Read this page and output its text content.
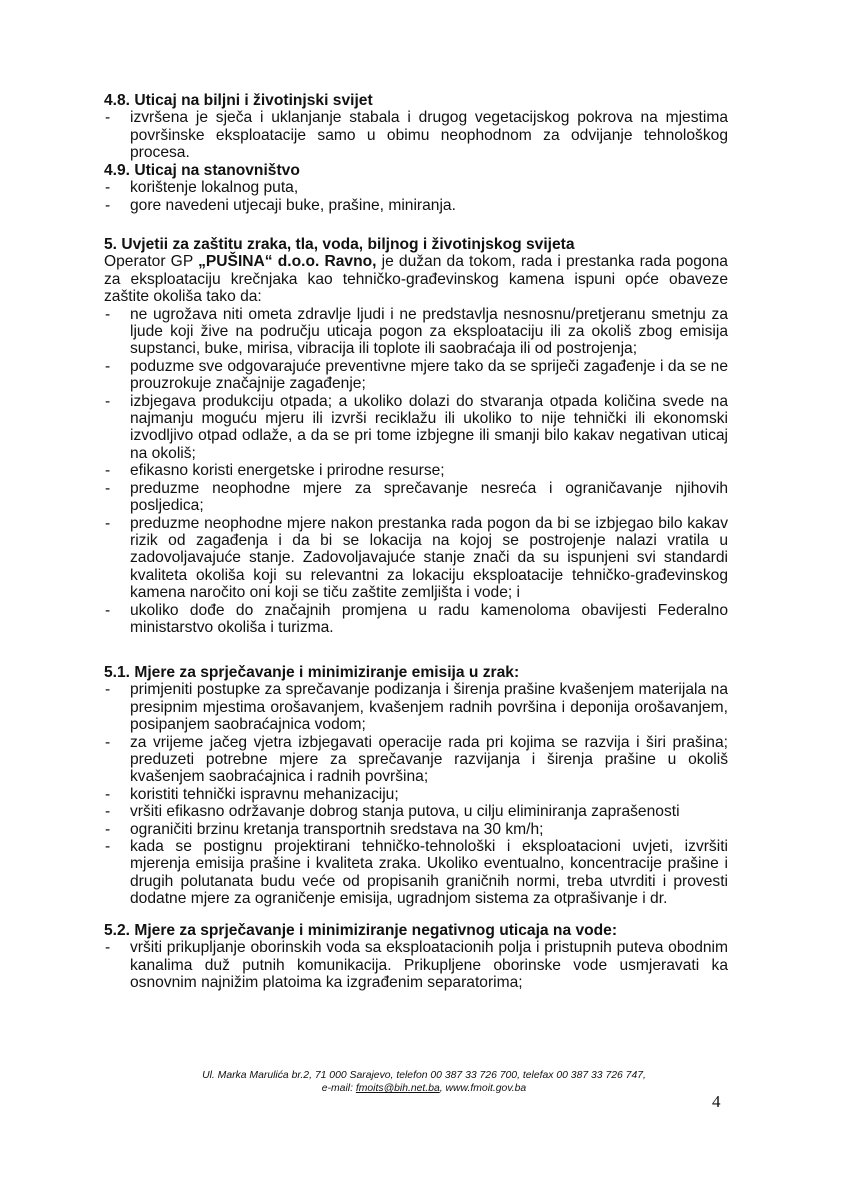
4.8. Uticaj na biljni i životinjski svijet
-	izvršena je sječa i uklanjanje stabala i drugog vegetacijskog pokrova na mjestima površinske eksploatacije samo u obimu neophodnom za odvijanje tehnološkog procesa.
4.9. Uticaj na stanovništvo
-	korištenje lokalnog puta,
-	gore navedeni utjecaji buke, prašine, miniranja.
5. Uvjetii za zaštitu zraka, tla, voda, biljnog i životinjskog svijeta
Operator GP „PUŠINA“ d.o.o. Ravno, je dužan da tokom, rada i prestanka rada pogona za eksploataciju krečnjaka kao tehničko-građevinskog kamena ispuni opće obaveze zaštite okoliša tako da:
-	ne ugrožava niti ometa zdravlje ljudi i ne predstavlja nesnosnu/pretjeranu smetnju za ljude koji žive na području uticaja pogon za eksploataciju ili za okoliš zbog emisija supstanci, buke, mirisa, vibracija ili toplote ili saobraćaja ili od postrojenja;
-	poduzme sve odgovarajuće preventivne mjere tako da se spriječi zagađenje i da se ne prouzrokuje značajnije zagađenje;
-	izbjegava produkciju otpada; a ukoliko dolazi do stvaranja otpada količina svede na najmanju moguću mjeru ili izvrši reciklažu ili ukoliko to nije tehnički ili ekonomski izvodljivo otpad odlaže, a da se pri tome izbjegne ili smanji bilo kakav negativan uticaj na okoliš;
-	efikasno koristi energetske i prirodne resurse;
-	preduzme neophodne mjere za sprečavanje nesreća i ograničavanje njihovih posljedica;
-	preduzme neophodne mjere nakon prestanka rada pogon da bi se izbjegao bilo kakav rizik od zagađenja i da bi se lokacija na kojoj se postrojenje nalazi vratila u zadovoljavajuće stanje. Zadovoljavajuće stanje znači da su ispunjeni svi standardi kvaliteta okoliša koji su relevantni za lokaciju eksploatacije tehničko-građevinskog kamena naročito oni koji se tiču zaštite zemljišta i vode; i
-	ukoliko dođe do značajnih promjena u radu kamenoloma obavijesti Federalno ministarstvo okoliša i turizma.
5.1. Mjere za sprječavanje i minimiziranje emisija u zrak:
-	primjeniti postupke za sprečavanje podizanja i širenja prašine kvašenjem materijala na presipnim mjestima orošavanjem, kvašenjem radnih površina i deponija orošavanjem, posipanjem saobraćajnica vodom;
-	za vrijeme jačeg vjetra izbjegavati operacije rada pri kojima se razvija i širi prašina; preduzeti potrebne mjere za sprečavanje razvijanja i širenja prašine u okoliš kvašenjem saobraćajnica i radnih površina;
-	koristiti tehnički ispravnu mehanizaciju;
-	vršiti efikasno održavanje dobrog stanja putova, u cilju eliminiranja zaprašenosti
-	ograničiti brzinu kretanja transportnih sredstava na 30 km/h;
-	kada se postignu projektirani tehničko-tehnološki i eksploatacioni uvjeti, izvršiti mjerenja emisija prašine i kvaliteta zraka. Ukoliko eventualno, koncentracije prašine i drugih polutanata budu veće od propisanih graničnih normi, treba utvrditi i provesti dodatne mjere za ograničenje emisija, ugradnjom sistema za otprašivanje i dr.
5.2. Mjere za sprječavanje i minimiziranje negativnog uticaja na vode:
-	vršiti prikupljanje oborinskih voda sa eksploatacionih polja i pristupnih puteva obodnim kanalima duž putnih komunikacija. Prikupljene oborinske vode usmjeravati ka osnovnim najnižim platoima ka izgrađenim separatorima;
Ul. Marka Marulića br.2, 71 000 Sarajevo, telefon 00 387 33 726 700, telefax 00 387 33 726 747,
e-mail: fmoits@bih.net.ba, www.fmoit.gov.ba
4
